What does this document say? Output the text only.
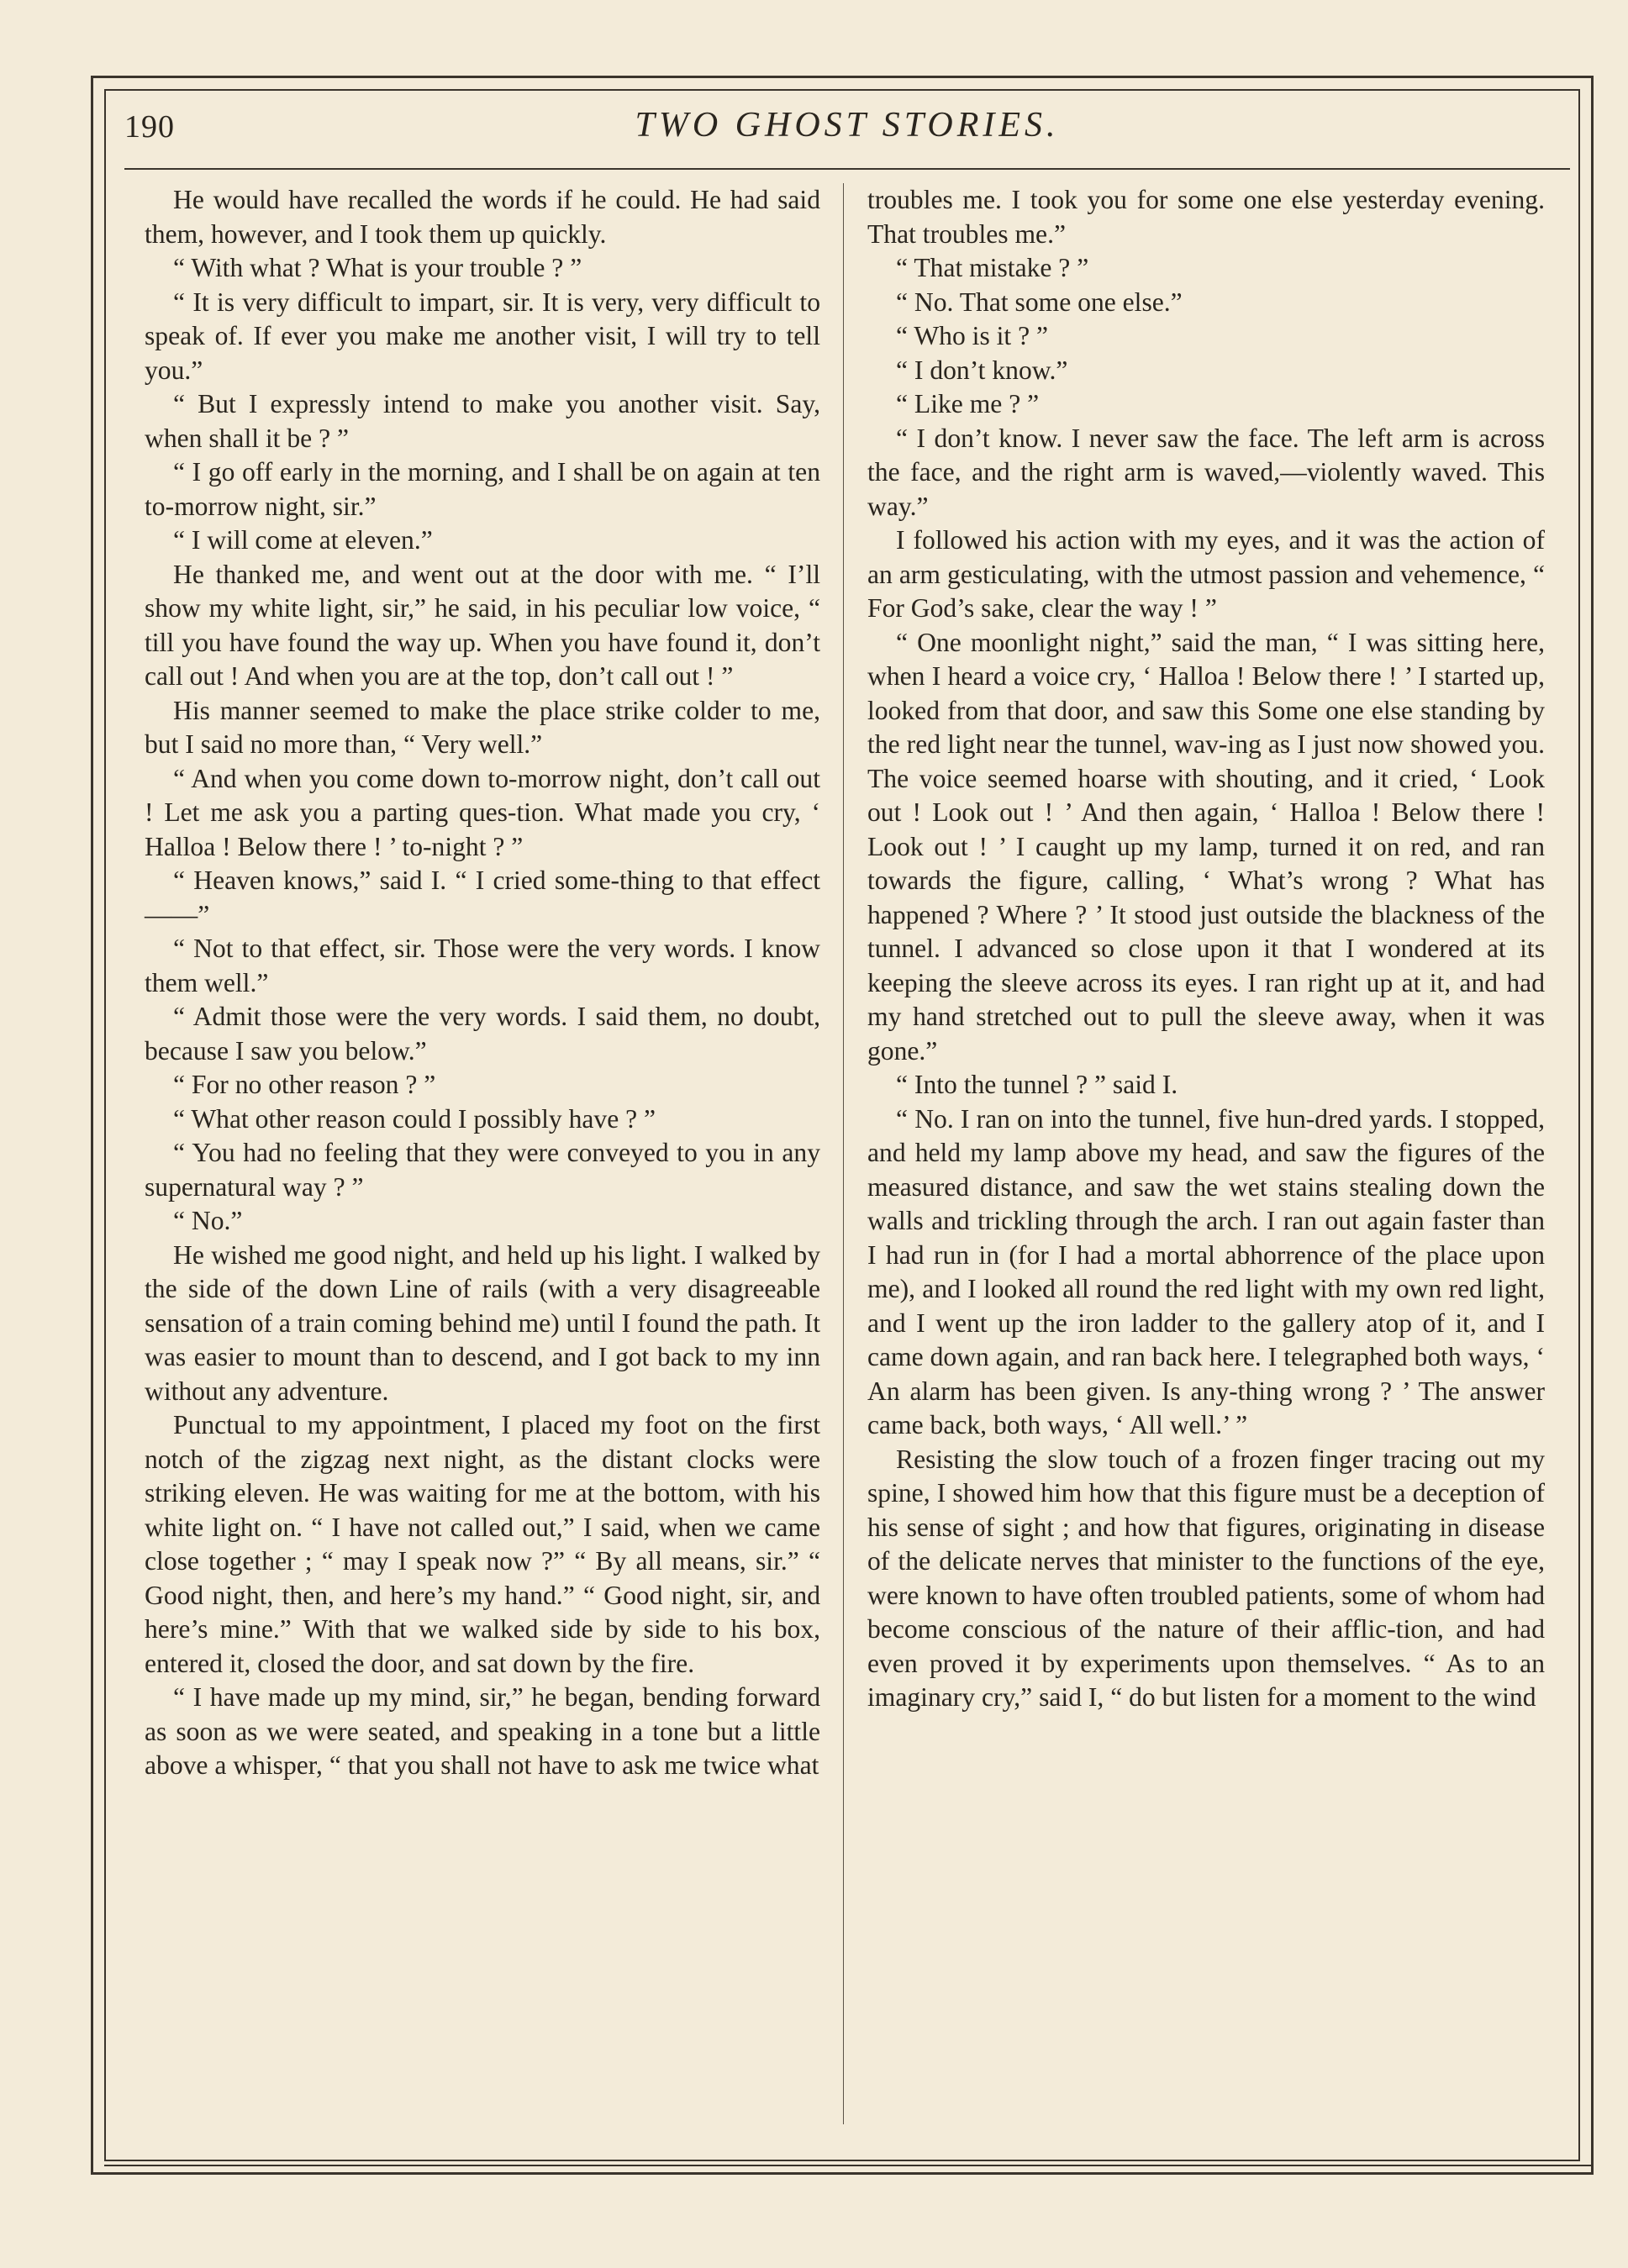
190	TWO GHOST STORIES.

He would have recalled the words if he could. He had said them, however, and I took them up quickly.

“ With what ? What is your trouble ? ”

“ It is very difficult to impart, sir. It is very, very difficult to speak of. If ever you make me another visit, I will try to tell you.”

“ But I expressly intend to make you another visit. Say, when shall it be ? ”

“ I go off early in the morning, and I shall be on again at ten to-morrow night, sir.”

“ I will come at eleven.”

He thanked me, and went out at the door with me. “ I’ll show my white light, sir,” he said, in his peculiar low voice, “ till you have found the way up. When you have found it, don’t call out ! And when you are at the top, don’t call out ! ”

His manner seemed to make the place strike colder to me, but I said no more than, “ Very well.”

“ And when you come down to-morrow night, don’t call out ! Let me ask you a parting ques-tion. What made you cry, ‘ Halloa ! Below there ! ’ to-night ? ”

“ Heaven knows,” said I. “ I cried some-thing to that effect——”

“ Not to that effect, sir. Those were the very words. I know them well.”

“ Admit those were the very words. I said them, no doubt, because I saw you below.”

“ For no other reason ? ”

“ What other reason could I possibly have ? ”

“ You had no feeling that they were conveyed to you in any supernatural way ? ”

“ No.”

He wished me good night, and held up his light. I walked by the side of the down Line of rails (with a very disagreeable sensation of a train coming behind me) until I found the path. It was easier to mount than to descend, and I got back to my inn without any adventure.

Punctual to my appointment, I placed my foot on the first notch of the zigzag next night, as the distant clocks were striking eleven. He was waiting for me at the bottom, with his white light on. “ I have not called out,” I said, when we came close together ; “ may I speak now ?” “ By all means, sir.” “ Good night, then, and here’s my hand.” “ Good night, sir, and here’s mine.” With that we walked side by side to his box, entered it, closed the door, and sat down by the fire.

“ I have made up my mind, sir,” he began, bending forward as soon as we were seated, and speaking in a tone but a little above a whisper, “ that you shall not have to ask me twice what

troubles me. I took you for some one else yesterday evening. That troubles me.”

“ That mistake ? ”

“ No. That some one else.”

“ Who is it ? ”

“ I don’t know.”

“ Like me ? ”

“ I don’t know. I never saw the face. The left arm is across the face, and the right arm is waved,—violently waved. This way.”

I followed his action with my eyes, and it was the action of an arm gesticulating, with the utmost passion and vehemence, “ For God’s sake, clear the way ! ”

“ One moonlight night,” said the man, “ I was sitting here, when I heard a voice cry, ‘ Halloa ! Below there ! ’ I started up, looked from that door, and saw this Some one else standing by the red light near the tunnel, wav-ing as I just now showed you. The voice seemed hoarse with shouting, and it cried, ‘ Look out ! Look out ! ’ And then again, ‘ Halloa ! Below there ! Look out ! ’ I caught up my lamp, turned it on red, and ran towards the figure, calling, ‘ What’s wrong ? What has happened ? Where ? ’ It stood just outside the blackness of the tunnel. I advanced so close upon it that I wondered at its keeping the sleeve across its eyes. I ran right up at it, and had my hand stretched out to pull the sleeve away, when it was gone.”

“ Into the tunnel ? ” said I.

“ No. I ran on into the tunnel, five hun-dred yards. I stopped, and held my lamp above my head, and saw the figures of the measured distance, and saw the wet stains stealing down the walls and trickling through the arch. I ran out again faster than I had run in (for I had a mortal abhorrence of the place upon me), and I looked all round the red light with my own red light, and I went up the iron ladder to the gallery atop of it, and I came down again, and ran back here. I telegraphed both ways, ‘ An alarm has been given. Is any-thing wrong ? ’ The answer came back, both ways, ‘ All well.’ ”

Resisting the slow touch of a frozen finger tracing out my spine, I showed him how that this figure must be a deception of his sense of sight ; and how that figures, originating in disease of the delicate nerves that minister to the functions of the eye, were known to have often troubled patients, some of whom had become conscious of the nature of their afflic-tion, and had even proved it by experiments upon themselves. “ As to an imaginary cry,” said I, “ do but listen for a moment to the wind
